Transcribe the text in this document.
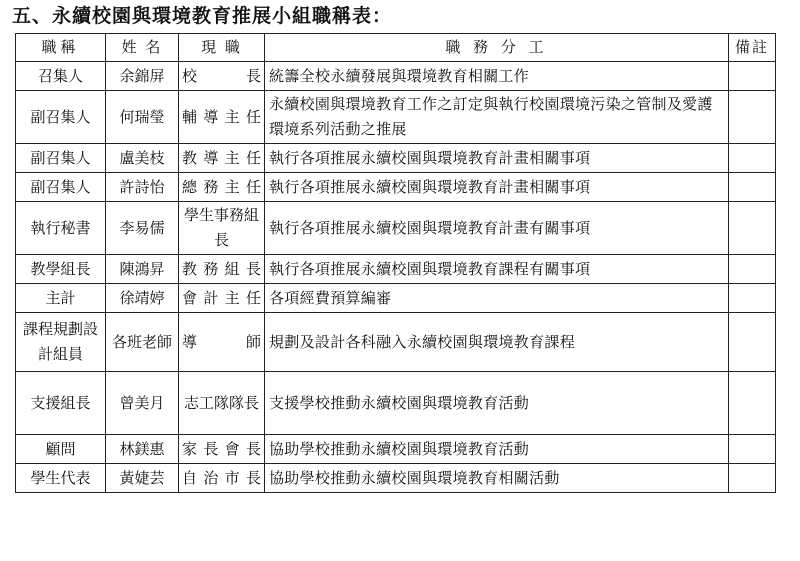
五、永續校園與環境教育推展小組職稱表：
職稱	姓 名	現 職	職 務 分 工	備註
召集人	余錦屏	校　　長	統籌全校永續發展與環境教育相關工作	
副召集人	何瑞瑩	輔導主任	永續校園與環境教育工作之訂定與執行校園環境污染之管制及愛護環境系列活動之推展	
副召集人	盧美枝	教導主任	執行各項推展永續校園與環境教育計畫相關事項	
副召集人	許詩怡	總務主任	執行各項推展永續校園與環境教育計畫相關事項	
執行秘書	李易儒	學生事務組長	執行各項推展永續校園與環境教育計畫有關事項	
教學組長	陳鴻昇	教務組長	執行各項推展永續校園與環境教育課程有關事項	
主計	徐靖婷	會計主任	各項經費預算編審	
課程規劃設計組員	各班老師	導　　師	規劃及設計各科融入永續校園與環境教育課程	
支援組長	曾美月	志工隊隊長	支援學校推動永續校園與環境教育活動	
顧問	林鎂惠	家長會長	協助學校推動永續校園與環境教育活動	
學生代表	黃婕芸	自治市長	協助學校推動永續校園與環境教育相關活動	
